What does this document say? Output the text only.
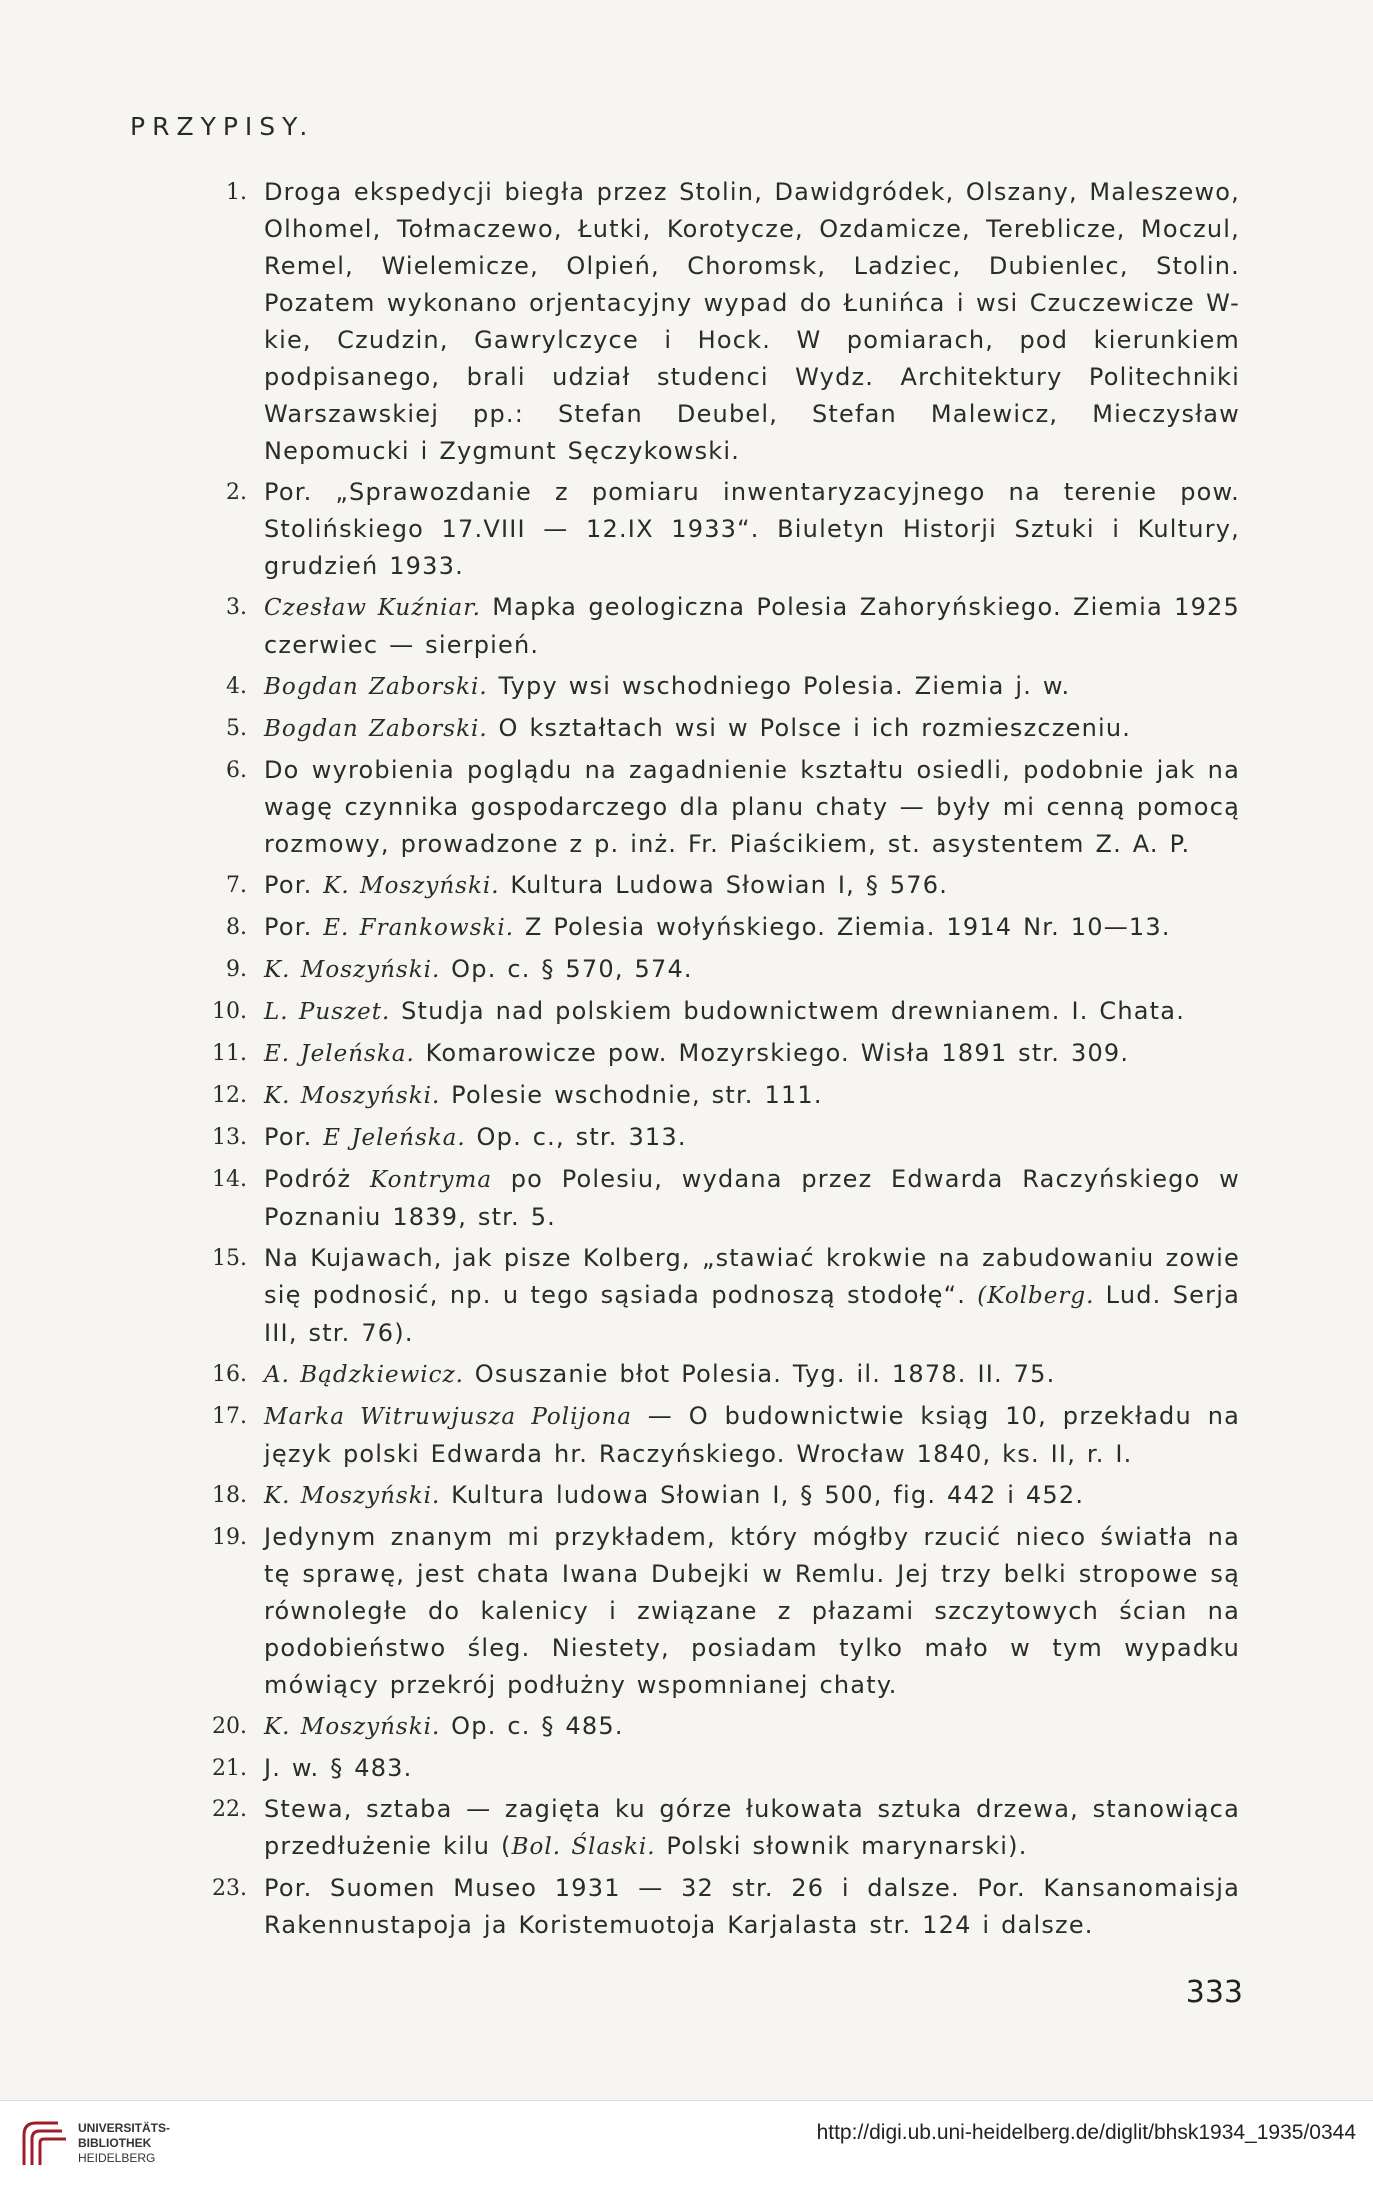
PRZYPISY.
1. Droga ekspedycji biegła przez Stolin, Dawidgródek, Olszany, Maleszewo, Olhomel, Tołmaczewo, Łutki, Korotycze, Ozdamicze, Tereblicze, Moczul, Remel, Wielemicze, Olpień, Choromsk, Ladziec, Dubienlec, Stolin. Pozatem wykonano orjentacyjny wypad do Łunińca i wsi Czuczewicze W-kie, Czudzin, Gawrylczyce i Hock. W pomiarach, pod kierunkiem podpisanego, brali udział studenci Wydz. Architektury Politechniki Warszawskiej pp.: Stefan Deubel, Stefan Malewicz, Mieczysław Nepomucki i Zygmunt Sęczykowski.
2. Por. „Sprawozdanie z pomiaru inwentaryzacyjnego na terenie pow. Stolińskiego 17.VIII — 12.IX 1933“. Biuletyn Historji Sztuki i Kultury, grudzień 1933.
3. Czesław Kuźniar. Mapka geologiczna Polesia Zahoryńskiego. Ziemia 1925 czerwiec — sierpień.
4. Bogdan Zaborski. Typy wsi wschodniego Polesia. Ziemia j. w.
5. Bogdan Zaborski. O kształtach wsi w Polsce i ich rozmieszczeniu.
6. Do wyrobienia poglądu na zagadnienie kształtu osiedli, podobnie jak na wagę czynnika gospodarczego dla planu chaty — były mi cenną pomocą rozmowy, prowadzone z p. inż. Fr. Piaścikiem, st. asystentem Z. A. P.
7. Por. K. Moszyński. Kultura Ludowa Słowian I, § 576.
8. Por. E. Frankowski. Z Polesia wołyńskiego. Ziemia. 1914 Nr. 10—13.
9. K. Moszyński. Op. c. § 570, 574.
10. L. Puszet. Studja nad polskiem budownictwem drewnianem. I. Chata.
11. E. Jeleńska. Komarowicze pow. Mozyrskiego. Wisła 1891 str. 309.
12. K. Moszyński. Polesie wschodnie, str. 111.
13. Por. E Jeleńska. Op. c., str. 313.
14. Podróż Kontryma po Polesiu, wydana przez Edwarda Raczyńskiego w Poznaniu 1839, str. 5.
15. Na Kujawach, jak pisze Kolberg, „stawiać krokwie na zabudowaniu zowie się podnosić, np. u tego sąsiada podnoszą stodołę“. (Kolberg. Lud. Serja III, str. 76).
16. A. Bądzkiewicz. Osuszanie błot Polesia. Tyg. il. 1878. II. 75.
17. Marka Witruwjusza Polijona — O budownictwie ksiąg 10, przekładu na język polski Edwarda hr. Raczyńskiego. Wrocław 1840, ks. II, r. I.
18. K. Moszyński. Kultura ludowa Słowian I, § 500, fig. 442 i 452.
19. Jedynym znanym mi przykładem, który mógłby rzucić nieco światła na tę sprawę, jest chata Iwana Dubejki w Remlu. Jej trzy belki stropowe są równoległe do kalenicy i związane z płazami szczytowych ścian na podobieństwo śleg. Niestety, posiadam tylko mało w tym wypadku mówiący przekrój podłużny wspomnianej chaty.
20. K. Moszyński. Op. c. § 485.
21. J. w. § 483.
22. Stewa, sztaba — zagięta ku górze łukowata sztuka drzewa, stanowiąca przedłużenie kilu (Bol. Ślaski. Polski słownik marynarski).
23. Por. Suomen Museo 1931 — 32 str. 26 i dalsze. Por. Kansanomaisja Rakennustapoja ja Koristemuotoja Karjalasta str. 124 i dalsze.
333
UNIVERSITÄTS-
BIBLIOTHEK
HEIDELBERG
http://digi.ub.uni-heidelberg.de/diglit/bhsk1934_1935/0344
